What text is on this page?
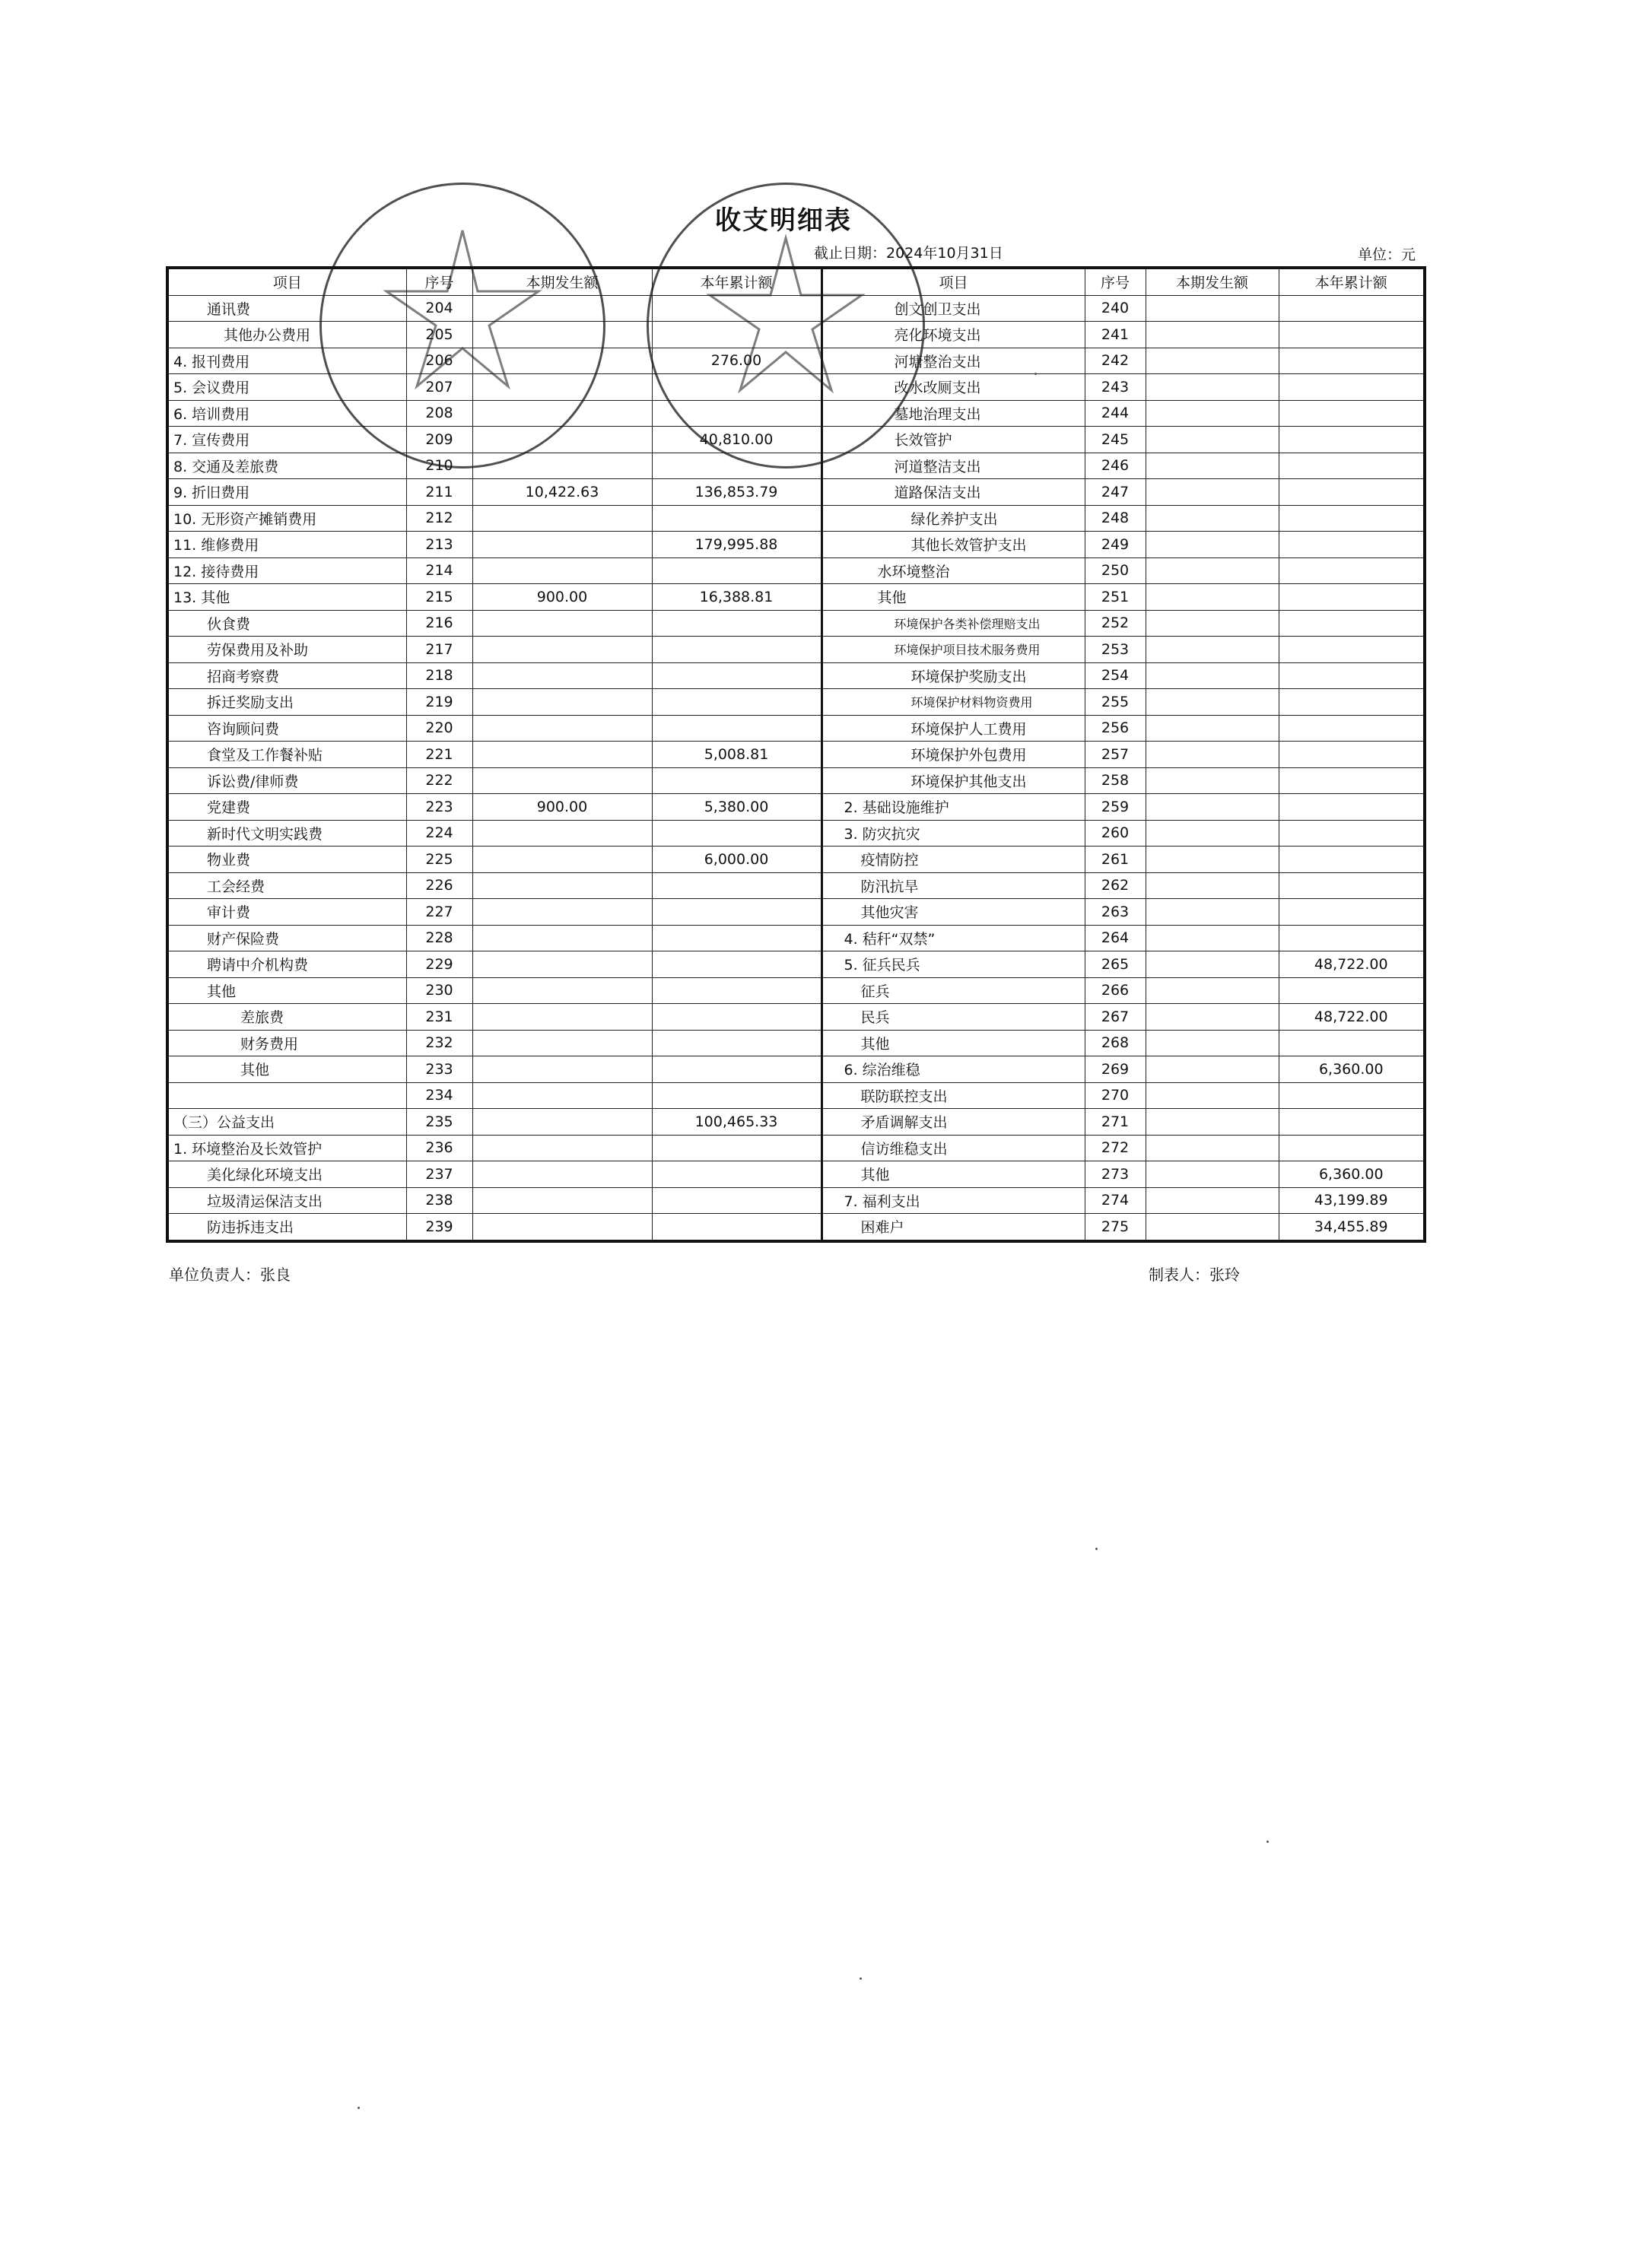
收支明细表
截止日期：2024年10月31日	单位：元
项目	序号	本期发生额	本年累计额	项目	序号	本期发生额	本年累计额
通讯费	204			创文创卫支出	240		
其他办公费用	205			亮化环境支出	241		
4. 报刊费用	206		276.00	河塘整治支出	242		
5. 会议费用	207			改水改厕支出	243		
6. 培训费用	208			墓地治理支出	244		
7. 宣传费用	209		40,810.00	长效管护	245		
8. 交通及差旅费	210			河道整洁支出	246		
9. 折旧费用	211	10,422.63	136,853.79	道路保洁支出	247		
10. 无形资产摊销费用	212			绿化养护支出	248		
11. 维修费用	213		179,995.88	其他长效管护支出	249		
12. 接待费用	214			水环境整治	250		
13. 其他	215	900.00	16,388.81	其他	251		
伙食费	216			环境保护各类补偿理赔支出	252		
劳保费用及补助	217			环境保护项目技术服务费用	253		
招商考察费	218			环境保护奖励支出	254		
拆迁奖励支出	219			环境保护材料物资费用	255		
咨询顾问费	220			环境保护人工费用	256		
食堂及工作餐补贴	221		5,008.81	环境保护外包费用	257		
诉讼费/律师费	222			环境保护其他支出	258		
党建费	223	900.00	5,380.00	2. 基础设施维护	259		
新时代文明实践费	224			3. 防灾抗灾	260		
物业费	225		6,000.00	疫情防控	261		
工会经费	226			防汛抗旱	262		
审计费	227			其他灾害	263		
财产保险费	228			4. 秸秆“双禁”	264		
聘请中介机构费	229			5. 征兵民兵	265		48,722.00
其他	230			征兵	266		
差旅费	231			民兵	267		48,722.00
财务费用	232			其他	268		
其他	233			6. 综治维稳	269		6,360.00
	234			联防联控支出	270		
（三）公益支出	235		100,465.33	矛盾调解支出	271		
1. 环境整治及长效管护	236			信访维稳支出	272		
美化绿化环境支出	237			其他	273		6,360.00
垃圾清运保洁支出	238			7. 福利支出	274		43,199.89
防违拆违支出	239			困难户	275		34,455.89
单位负责人：张良	制表人：张玲
